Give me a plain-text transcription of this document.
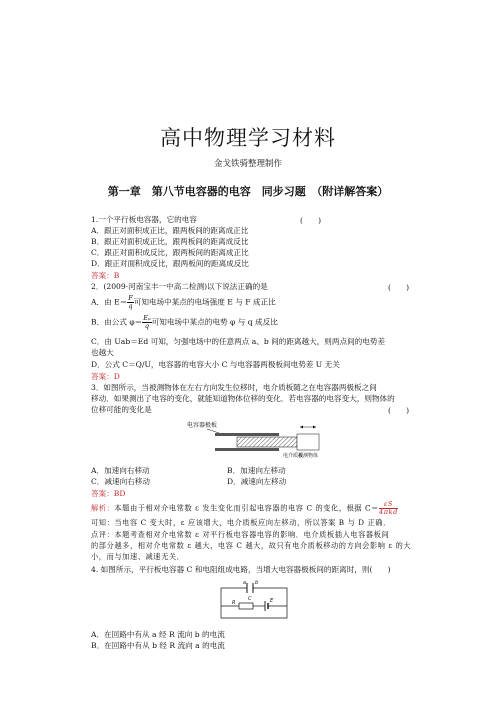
高中物理学习材料
金戈铁骑整理制作
第一章　第八节电容器的电容　同步习题　（附详解答案）
1.一个平行板电容器，它的电容	(　　)
A．跟正对面积成正比，跟两板间的距离成正比
B．跟正对面积成正比，跟两板间的距离成反比
C．跟正对面积成反比，跟两板间的距离成正比
D．跟正对面积成反比，跟两板间的距离成反比
答案：B
2．(2009·河南宝丰一中高二检测)以下说法正确的是	(　　)
A．由 $E= \frac{F}{q}$ 可知电场中某点的电场强度 E 与 F 成正比
B．由公式 $\varphi= \frac{\text{Eₚ}}{q}$ 可知电场中某点的电势 φ 与 q 成反比
C．由 Uab＝Ed 可知，匀强电场中的任意两点 a、b 间的距离越大，则两点间的电势差
也越大
D．公式 C＝Q/U，电容器的电容大小 C 与电容器两极板间电势差 U 无关
答案：D
3．如图所示，当被测物体在左右方向发生位移时，电介质板随之在电容器两极板之间
移动．如果测出了电容的变化，就能知道物体位移的变化．若电容器的电容变大，则物体的
位移可能的变化是	(　　)
电容器极板
电介质板
被测物体
A．加速向右移动	B．加速向左移动
C．减速向右移动	D．减速向左移动
答案：BD
解析：本题由于相对介电常数 ε 发生变化而引起电容器的电容 C 的变化，根据 $C= \frac{\varepsilon S}{\text{4πkd}}$
可知：当电容 C 变大时，ε 应该增大，电介质板应向左移动，所以答案 B 与 D 正确．
点评：本题考查相对介电常数 ε 对平行板电容器电容的影响．电介质板插入电容器板间
的部分越多，相对介电常数 ε 越大，电容 C 越大，故只有电介质板移动的方向会影响 ε 的大
小，而与加速、减速无关．
4. 如图所示，平行板电容器 C 和电阻组成电路，当增大电容器极板间的距离时，则(　　)
a b
C
R	E
A．在回路中有从 a 经 R 流向 b 的电流
B．在回路中有从 b 经 R 流向 a 的电流
